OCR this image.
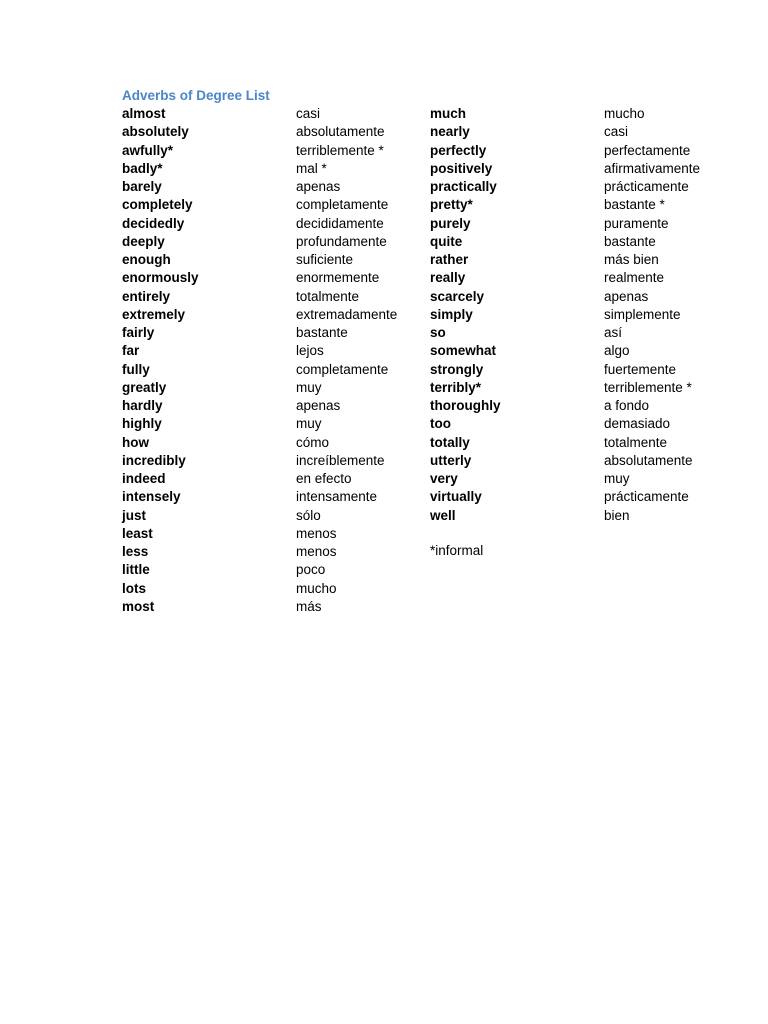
Adverbs of Degree List
almost
absolutely
awfully*
badly*
barely
completely
decidedly
deeply
enough
enormously
entirely
extremely
fairly
far
fully
greatly
hardly
highly
how
incredibly
indeed
intensely
just
least
less
little
lots
most
casi
absolutamente
terriblemente *
mal *
apenas
completamente
decididamente
profundamente
suficiente
enormemente
totalmente
extremadamente
bastante
lejos
completamente
muy
apenas
muy
cómo
increíblemente
en efecto
intensamente
sólo
menos
menos
poco
mucho
más
much
nearly
perfectly
positively
practically
pretty*
purely
quite
rather
really
scarcely
simply
so
somewhat
strongly
terribly*
thoroughly
too
totally
utterly
very
virtually
well
mucho
casi
perfectamente
afirmativamente
prácticamente
bastante *
puramente
bastante
más bien
realmente
apenas
simplemente
así
algo
fuertemente
terriblemente *
a fondo
demasiado
totalmente
absolutamente
muy
prácticamente
bien
*informal
